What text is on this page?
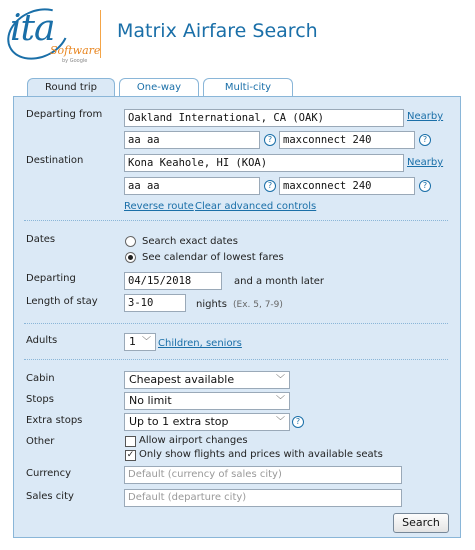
ita
Software
by Google
Matrix Airfare Search
Round trip	One-way	Multi-city
Departing from	Oakland International, CA (OAK)	Nearby
aa aa	?	maxconnect 240	?
Destination	Kona Keahole, HI (KOA)	Nearby
aa aa	?	maxconnect 240	?
Reverse route Clear advanced controls
Dates	Search exact dates
See calendar of lowest fares
Departing	04/15/2018	and a month later
Length of stay	3-10	nights (Ex. 5, 7-9)
Adults	1 ﹀ Children, seniors
Cabin	Cheapest available	﹀
Stops	No limit	﹀
Extra stops	Up to 1 extra stop	﹀	?
Other	Allow airport changes
✓ Only show flights and prices with available seats
Currency	Default (currency of sales city)
Sales city	Default (departure city)
Search
